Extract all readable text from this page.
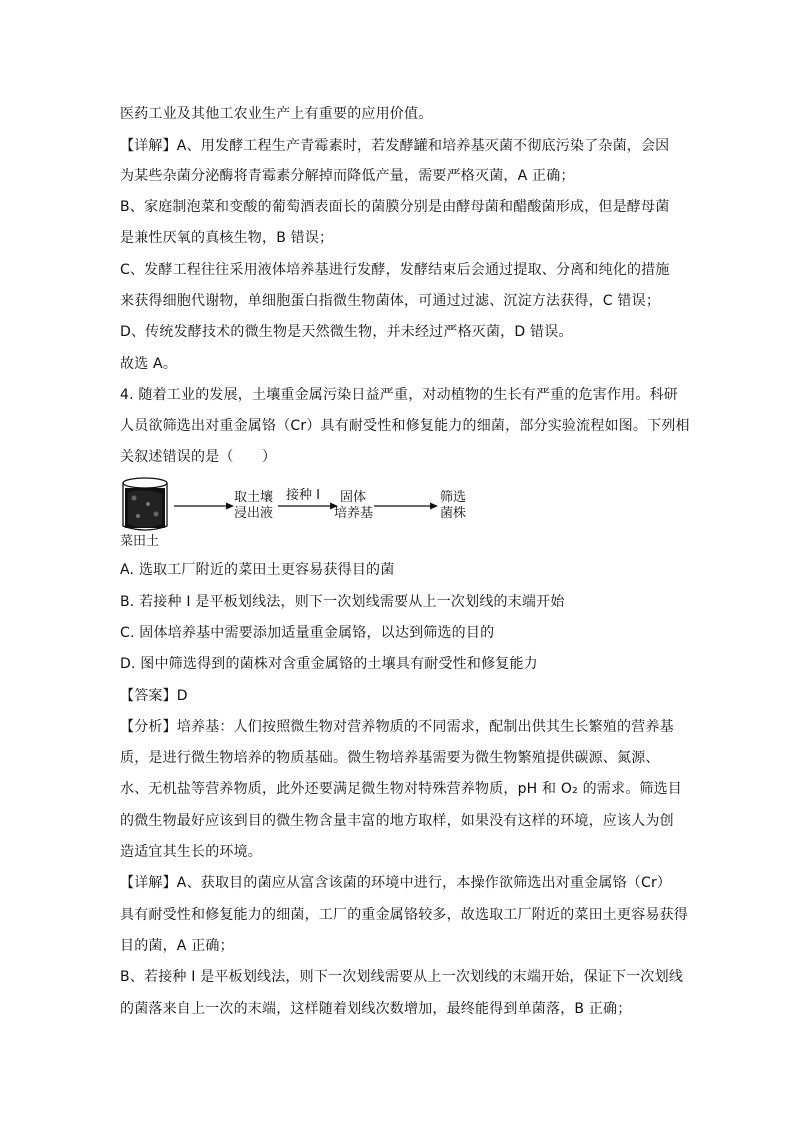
医药工业及其他工农业生产上有重要的应用价值。
【详解】A、用发酵工程生产青霉素时，若发酵罐和培养基灭菌不彻底污染了杂菌，会因
为某些杂菌分泌酶将青霉素分解掉而降低产量，需要严格灭菌，A 正确；
B、家庭制泡菜和变酸的葡萄酒表面长的菌膜分别是由酵母菌和醋酸菌形成，但是酵母菌
是兼性厌氧的真核生物，B 错误；
C、发酵工程往往采用液体培养基进行发酵，发酵结束后会通过提取、分离和纯化的措施
来获得细胞代谢物，单细胞蛋白指微生物菌体，可通过过滤、沉淀方法获得，C 错误；
D、传统发酵技术的微生物是天然微生物，并未经过严格灭菌，D 错误。
故选 A。
4. 随着工业的发展，土壤重金属污染日益严重，对动植物的生长有严重的危害作用。科研
人员欲筛选出对重金属铬（Cr）具有耐受性和修复能力的细菌，部分实验流程如图。下列相
关叙述错误的是（　　）
菜田土
取土壤
浸出液
接种 I 固体
培养基
筛选
菌株
A. 选取工厂附近的菜田土更容易获得目的菌
B. 若接种 I 是平板划线法，则下一次划线需要从上一次划线的末端开始
C. 固体培养基中需要添加适量重金属铬，以达到筛选的目的
D. 图中筛选得到的菌株对含重金属铬的土壤具有耐受性和修复能力
【答案】D
【分析】培养基：人们按照微生物对营养物质的不同需求，配制出供其生长繁殖的营养基
质，是进行微生物培养的物质基础。微生物培养基需要为微生物繁殖提供碳源、氮源、
水、无机盐等营养物质，此外还要满足微生物对特殊营养物质，pH 和 O₂ 的需求。筛选目
的微生物最好应该到目的微生物含量丰富的地方取样，如果没有这样的环境，应该人为创
造适宜其生长的环境。
【详解】A、获取目的菌应从富含该菌的环境中进行，本操作欲筛选出对重金属铬（Cr）
具有耐受性和修复能力的细菌，工厂的重金属铬较多，故选取工厂附近的菜田土更容易获得
目的菌，A 正确；
B、若接种 I 是平板划线法，则下一次划线需要从上一次划线的末端开始，保证下一次划线
的菌落来自上一次的末端，这样随着划线次数增加，最终能得到单菌落，B 正确；
